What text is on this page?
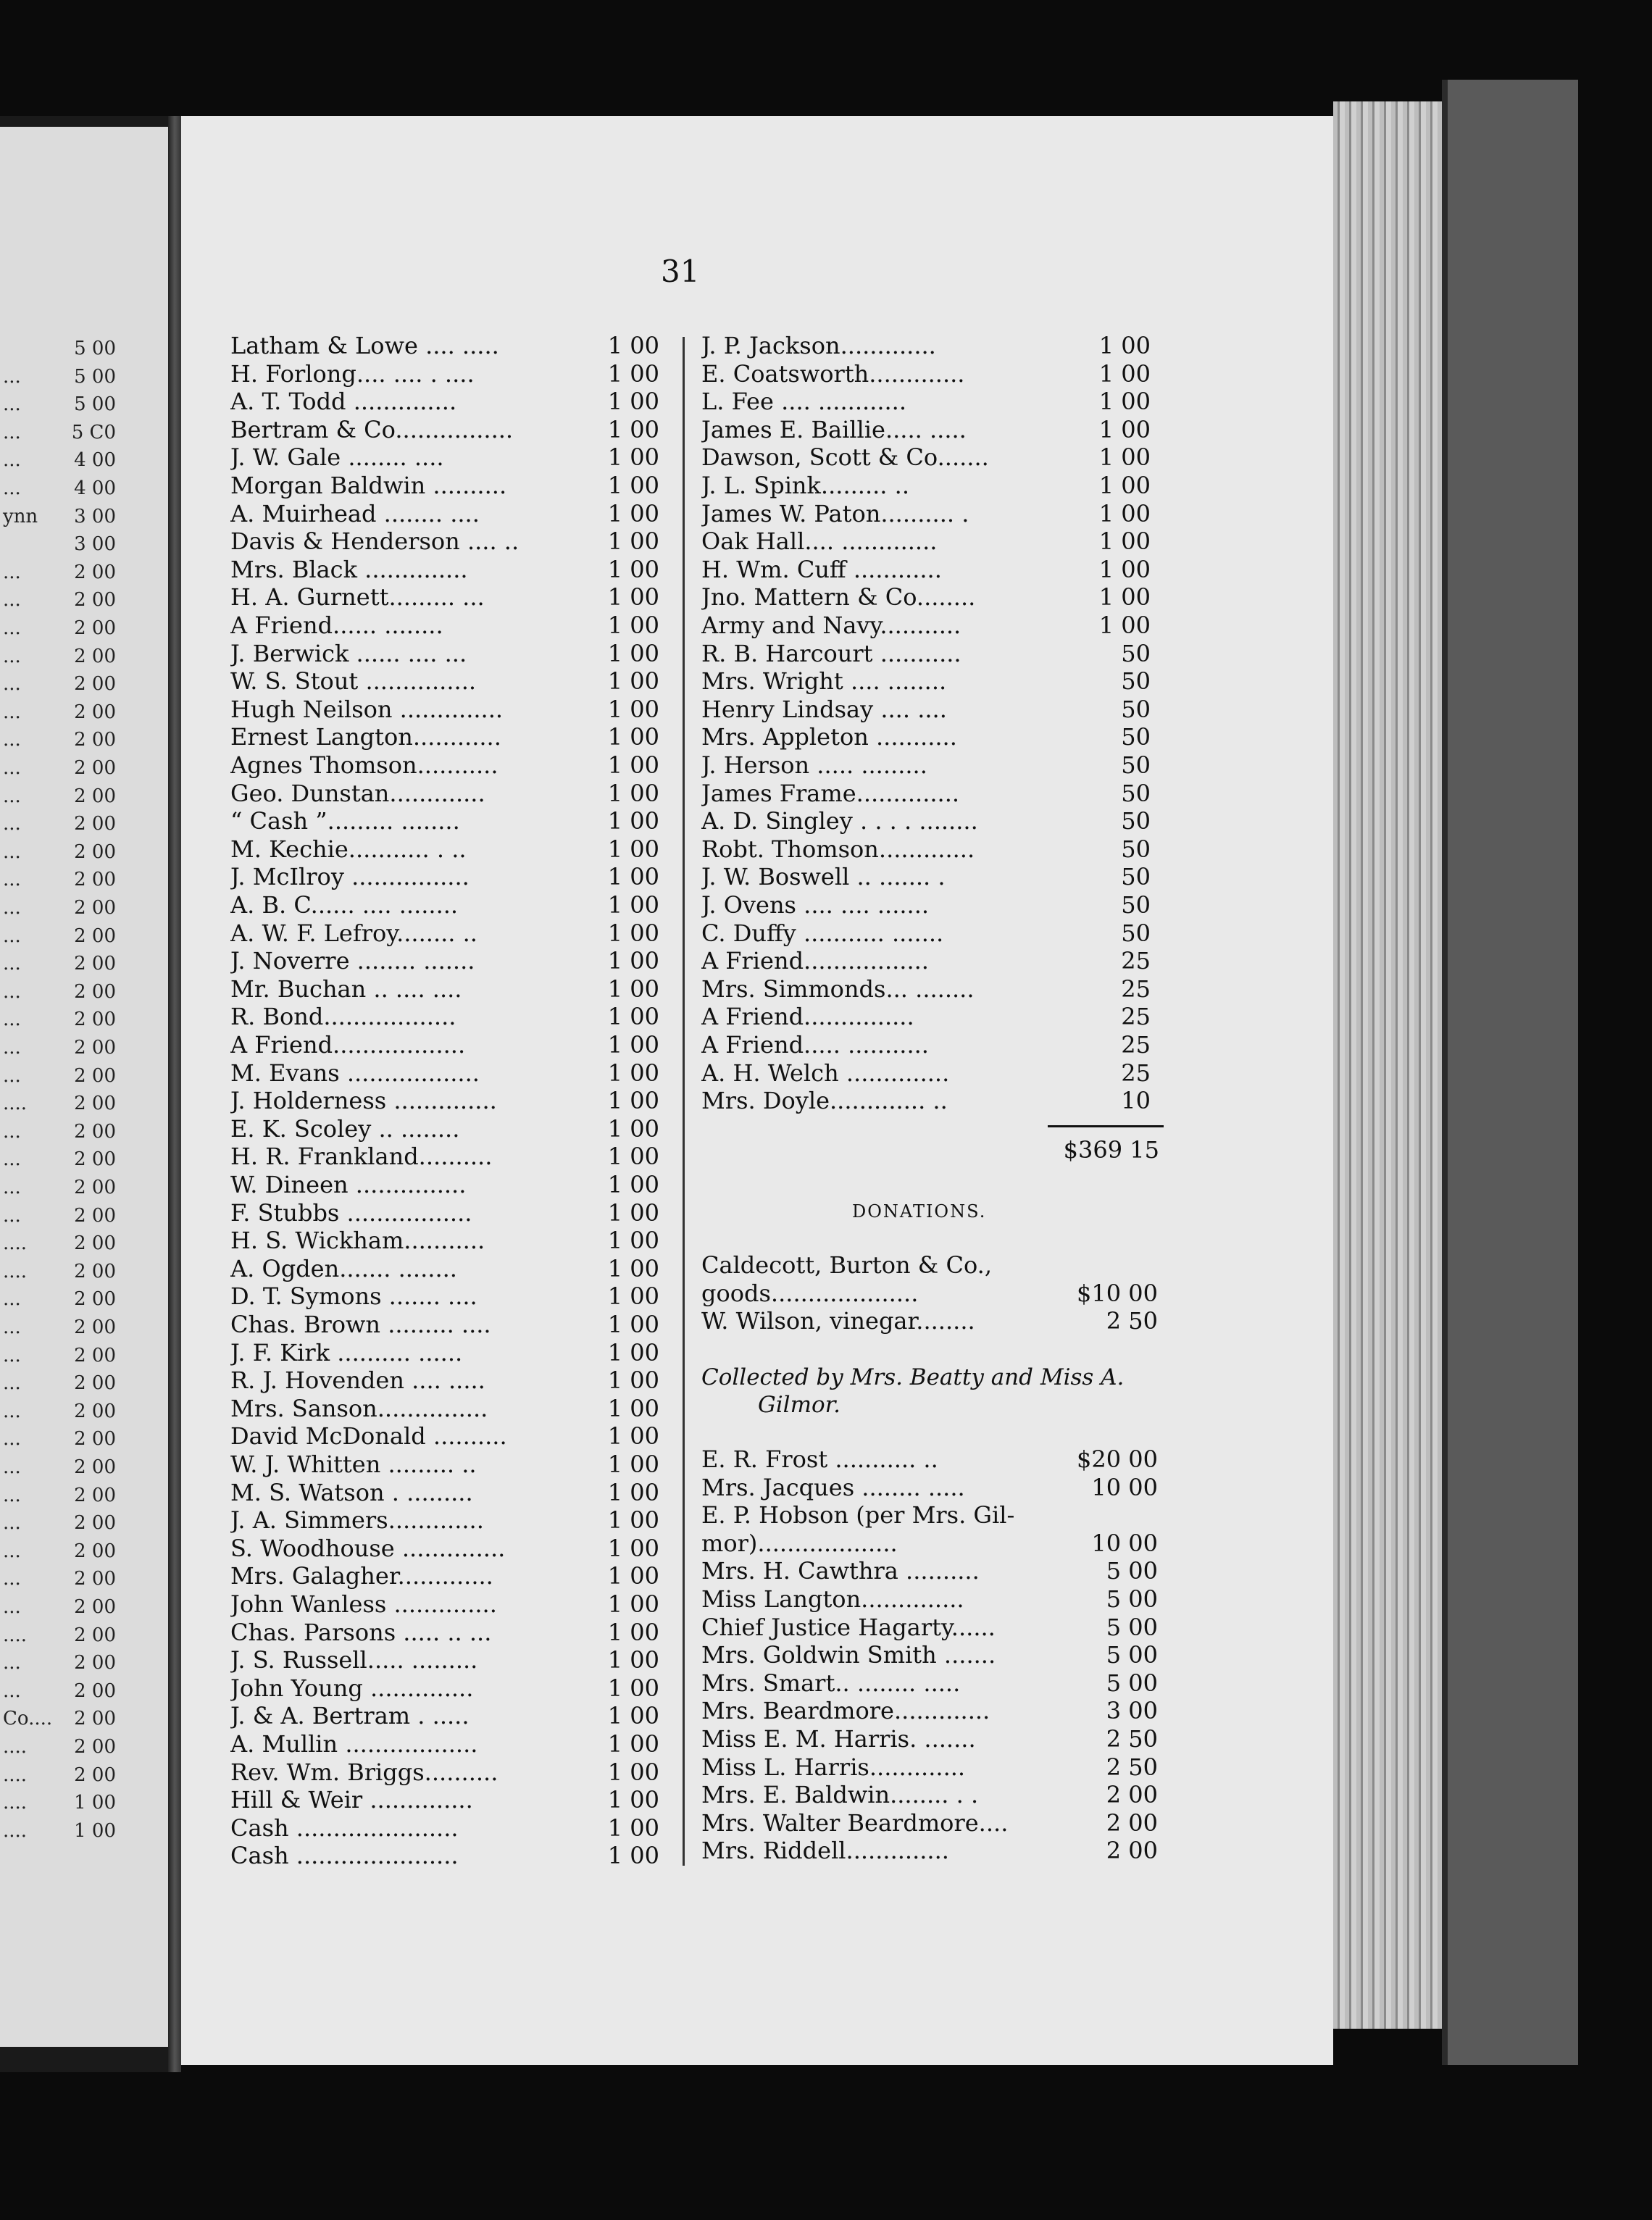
5 00
...	5 00
...	5 00
...	5 C0
...	4 00
...	4 00
ynn 3 00
3 00
...	2 00
...	2 00
...	2 00
...	2 00
...	2 00
...	2 00
...	2 00
...	2 00
...	2 00
...	2 00
...	2 00
...	2 00
...	2 00
...	2 00
...	2 00
...	2 00
...	2 00
...	2 00
...	2 00
....	2 00
...	2 00
...	2 00
...	2 00
...	2 00
....	2 00
....	2 00
...	2 00
...	2 00
...	2 00
...	2 00
...	2 00
...	2 00
...	2 00
...	2 00
...	2 00
...	2 00
...	2 00
...	2 00
....	2 00
...	2 00
...	2 00
Co.... 2 00
....	2 00
....	2 00
....	1 00
....	1 00
31
Latham & Lowe .... .....	1 00
H. Forlong.... .... . ....	1 00
A. T. Todd ..............	1 00
Bertram & Co................	1 00
J. W. Gale ........ ....	1 00
Morgan Baldwin ..........	1 00
A. Muirhead ........ ....	1 00
Davis & Henderson .... ..	1 00
Mrs. Black ..............	1 00
H. A. Gurnett......... ...	1 00
A Friend...... ........	1 00
J. Berwick ...... .... ...	1 00
W. S. Stout ...............	1 00
Hugh Neilson ..............	1 00
Ernest Langton............	1 00
Agnes Thomson...........	1 00
Geo. Dunstan.............	1 00
“ Cash ”......... ........	1 00
M. Kechie........... . ..	1 00
J. McIlroy ................	1 00
A. B. C...... .... ........	1 00
A. W. F. Lefroy........ ..	1 00
J. Noverre ........ .......	1 00
Mr. Buchan .. .... ....	1 00
R. Bond..................	1 00
A Friend..................	1 00
M. Evans ..................	1 00
J. Holderness ..............	1 00
E. K. Scoley .. ........	1 00
H. R. Frankland..........	1 00
W. Dineen ...............	1 00
F. Stubbs .................	1 00
H. S. Wickham...........	1 00
A. Ogden....... ........	1 00
D. T. Symons ....... ....	1 00
Chas. Brown ......... ....	1 00
J. F. Kirk .......... ......	1 00
R. J. Hovenden .... .....	1 00
Mrs. Sanson...............	1 00
David McDonald ..........	1 00
W. J. Whitten ......... ..	1 00
M. S. Watson . .........	1 00
J. A. Simmers.............	1 00
S. Woodhouse ..............	1 00
Mrs. Galagher.............	1 00
John Wanless ..............	1 00
Chas. Parsons ..... .. ...	1 00
J. S. Russell..... .........	1 00
John Young ..............	1 00
J. & A. Bertram . .....	1 00
A. Mullin ..................	1 00
Rev. Wm. Briggs..........	1 00
Hill & Weir ..............	1 00
Cash ......................	1 00
Cash ......................	1 00
J. P. Jackson.............	1 00
E. Coatsworth.............	1 00
L. Fee .... ............	1 00
James E. Baillie..... .....	1 00
Dawson, Scott & Co.......	1 00
J. L. Spink......... ..	1 00
James W. Paton.......... .	1 00
Oak Hall.... .............	1 00
H. Wm. Cuff ............	1 00
Jno. Mattern & Co........	1 00
Army and Navy...........	1 00
R. B. Harcourt ...........	50
Mrs. Wright .... ........	50
Henry Lindsay .... ....	50
Mrs. Appleton ...........	50
J. Herson ..... .........	50
James Frame..............	50
A. D. Singley . . . . ........	50
Robt. Thomson.............	50
J. W. Boswell .. ....... .	50
J. Ovens .... .... .......	50
C. Duffy ........... .......	50
A Friend.................	25
Mrs. Simmonds... ........	25
A Friend...............	25
A Friend..... ...........	25
A. H. Welch ..............	25
Mrs. Doyle............. ..	10
$369 15
DONATIONS.
Caldecott, Burton & Co.,
goods....................	$10 00
W. Wilson, vinegar........	2 50
Collected by Mrs. Beatty and Miss A.
Gilmor.
E. R. Frost ........... ..	$20 00
Mrs. Jacques ........ .....	10 00
E. P. Hobson (per Mrs. Gil-
mor)...................	10 00
Mrs. H. Cawthra ..........	5 00
Miss Langton..............	5 00
Chief Justice Hagarty......	5 00
Mrs. Goldwin Smith .......	5 00
Mrs. Smart.. ........ .....	5 00
Mrs. Beardmore.............	3 00
Miss E. M. Harris. .......	2 50
Miss L. Harris.............	2 50
Mrs. E. Baldwin........ . .	2 00
Mrs. Walter Beardmore....	2 00
Mrs. Riddell..............	2 00
